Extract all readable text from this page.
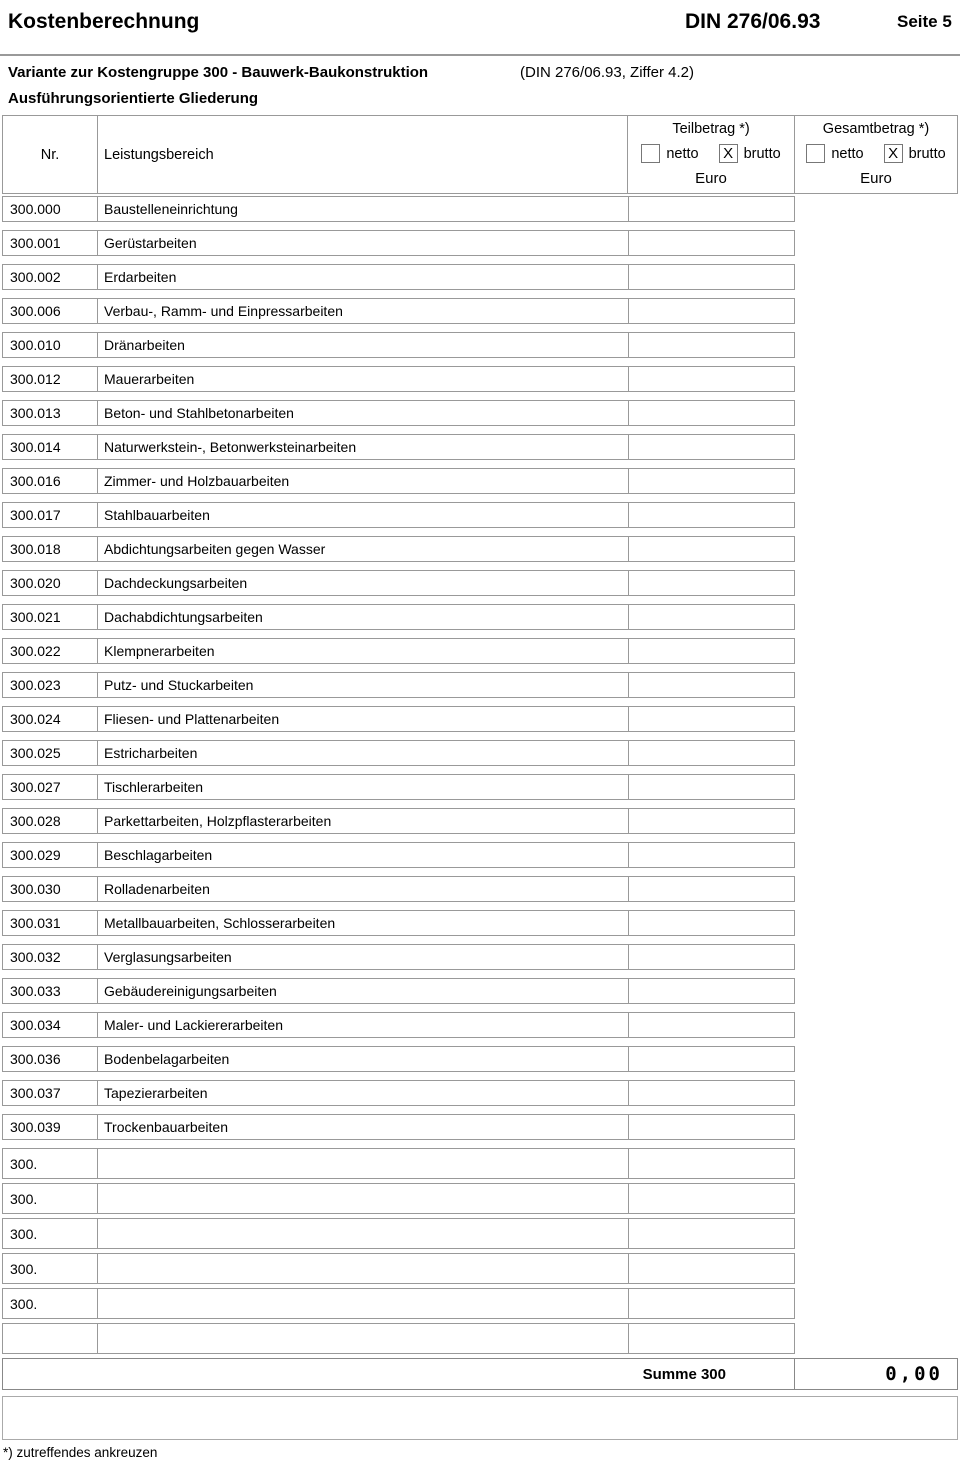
Kostenberechnung	DIN 276/06.93	Seite 5
Variante zur Kostengruppe 300 - Bauwerk-Baukonstruktion	(DIN 276/06.93, Ziffer 4.2)
Ausführungsorientierte Gliederung
Nr.	Leistungsbereich
Teilbetrag *)
netto X brutto
Euro
Gesamtbetrag *)
netto X brutto
Euro
300.000	Baustelleneinrichtung
300.001	Gerüstarbeiten
300.002	Erdarbeiten
300.006	Verbau-, Ramm- und Einpressarbeiten
300.010	Dränarbeiten
300.012	Mauerarbeiten
300.013	Beton- und Stahlbetonarbeiten
300.014	Naturwerkstein-, Betonwerksteinarbeiten
300.016	Zimmer- und Holzbauarbeiten
300.017	Stahlbauarbeiten
300.018	Abdichtungsarbeiten gegen Wasser
300.020	Dachdeckungsarbeiten
300.021	Dachabdichtungsarbeiten
300.022	Klempnerarbeiten
300.023	Putz- und Stuckarbeiten
300.024	Fliesen- und Plattenarbeiten
300.025	Estricharbeiten
300.027	Tischlerarbeiten
300.028	Parkettarbeiten, Holzpflasterarbeiten
300.029	Beschlagarbeiten
300.030	Rolladenarbeiten
300.031	Metallbauarbeiten, Schlosserarbeiten
300.032	Verglasungsarbeiten
300.033	Gebäudereinigungsarbeiten
300.034	Maler- und Lackiererarbeiten
300.036	Bodenbelagarbeiten
300.037	Tapezierarbeiten
300.039	Trockenbauarbeiten
300.
300.
300.
300.
300.
Summe 300	0,00
*) zutreffendes ankreuzen
